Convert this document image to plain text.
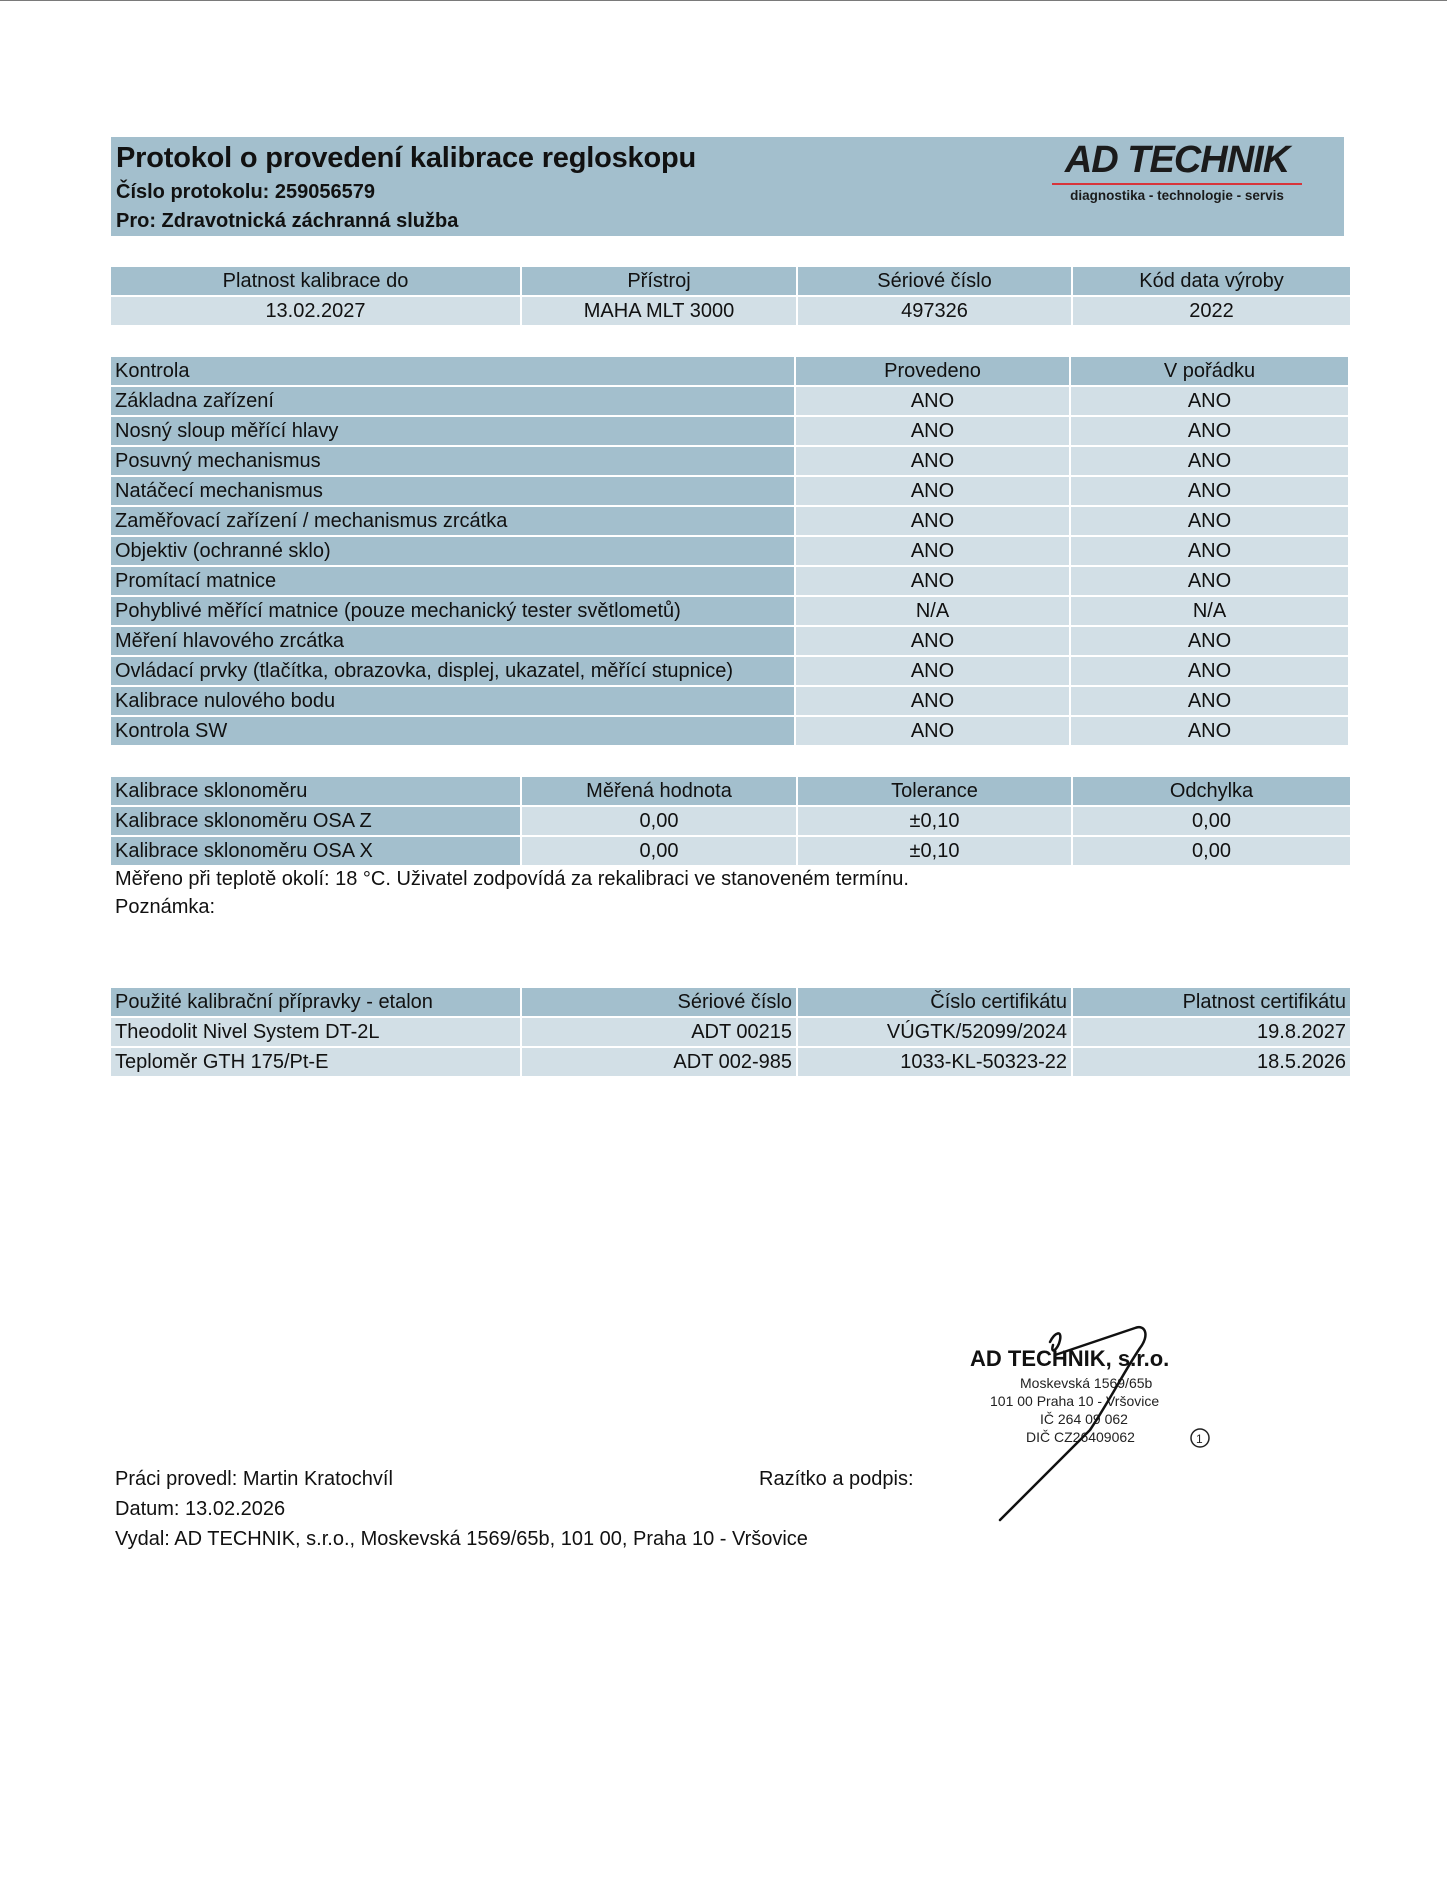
Protokol o provedení kalibrace regloskopu
Číslo protokolu: 259056579
Pro: Zdravotnická záchranná služba
AD TECHNIK
diagnostika - technologie - servis
Platnost kalibrace do	Přístroj	Sériové číslo	Kód data výroby
13.02.2027	MAHA MLT 3000	497326	2022
Kontrola	Provedeno	V pořádku
Základna zařízení	ANO	ANO
Nosný sloup měřící hlavy	ANO	ANO
Posuvný mechanismus	ANO	ANO
Natáčecí mechanismus	ANO	ANO
Zaměřovací zařízení / mechanismus zrcátka	ANO	ANO
Objektiv (ochranné sklo)	ANO	ANO
Promítací matnice	ANO	ANO
Pohyblivé měřící matnice (pouze mechanický tester světlometů)	N/A	N/A
Měření hlavového zrcátka	ANO	ANO
Ovládací prvky (tlačítka, obrazovka, displej, ukazatel, měřící stupnice)	ANO	ANO
Kalibrace nulového bodu	ANO	ANO
Kontrola SW	ANO	ANO
Kalibrace sklonoměru	Měřená hodnota	Tolerance	Odchylka
Kalibrace sklonoměru OSA Z	0,00	±0,10	0,00
Kalibrace sklonoměru OSA X	0,00	±0,10	0,00
Měřeno při teplotě okolí: 18 °C. Uživatel zodpovídá za rekalibraci ve stanoveném termínu.
Poznámka:
Použité kalibrační přípravky - etalon	Sériové číslo	Číslo certifikátu	Platnost certifikátu
Theodolit Nivel System DT-2L	ADT 00215	VÚGTK/52099/2024	19.8.2027
Teploměr GTH 175/Pt-E	ADT 002-985	1033-KL-50323-22	18.5.2026
AD TECHNIK, s.r.o.
Moskevská 1569/65b
101 00 Praha 10 - Vršovice
IČ 264 09 062
DIČ CZ26409062	1
Razítko a podpis:
Práci provedl: Martin Kratochvíl
Datum: 13.02.2026
Vydal: AD TECHNIK, s.r.o., Moskevská 1569/65b, 101 00, Praha 10 - Vršovice
